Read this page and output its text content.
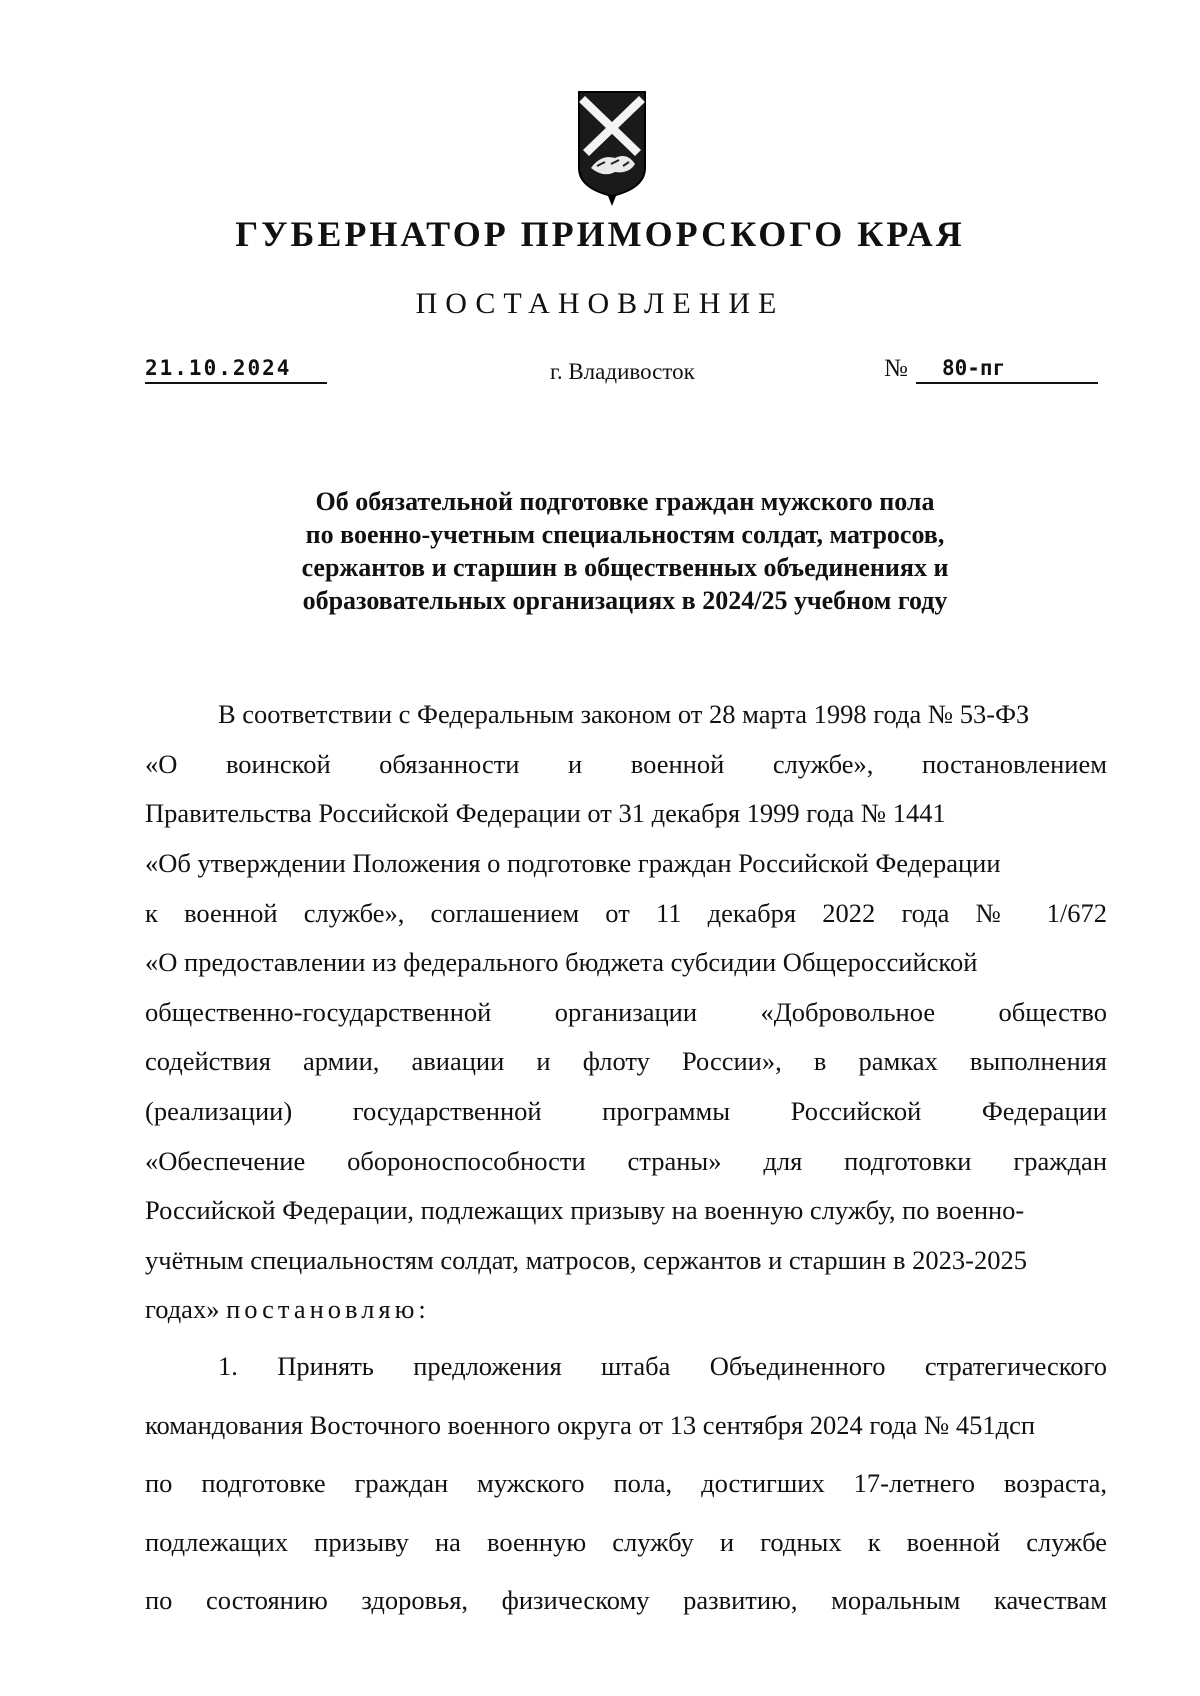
ГУБЕРНАТОР ПРИМОРСКОГО КРАЯ
ПОСТАНОВЛЕНИЕ
21.10.2024	г. Владивосток	№	80-пг
Об обязательной подготовке граждан мужского пола
по военно-учетным специальностям солдат, матросов,
сержантов и старшин в общественных объединениях и
образовательных организациях в 2024/25 учебном году
В соответствии с Федеральным законом от 28 марта 1998 года № 53-ФЗ
«О воинской обязанности и военной службе», постановлением
Правительства Российской Федерации от 31 декабря 1999 года № 1441
«Об утверждении Положения о подготовке граждан Российской Федерации
к военной службе», соглашением от 11 декабря 2022 года № 1/672
«О предоставлении из федерального бюджета субсидии Общероссийской
общественно-государственной организации «Добровольное общество
содействия армии, авиации и флоту России», в рамках выполнения
(реализации) государственной программы Российской Федерации
«Обеспечение обороноспособности страны» для подготовки граждан
Российской Федерации, подлежащих призыву на военную службу, по военно-
учётным специальностям солдат, матросов, сержантов и старшин в 2023-2025
годах» постановляю:
1. Принять предложения штаба Объединенного стратегического
командования Восточного военного округа от 13 сентября 2024 года № 451дсп
по подготовке граждан мужского пола, достигших 17-летнего возраста,
подлежащих призыву на военную службу и годных к военной службе
по состоянию здоровья, физическому развитию, моральным качествам
